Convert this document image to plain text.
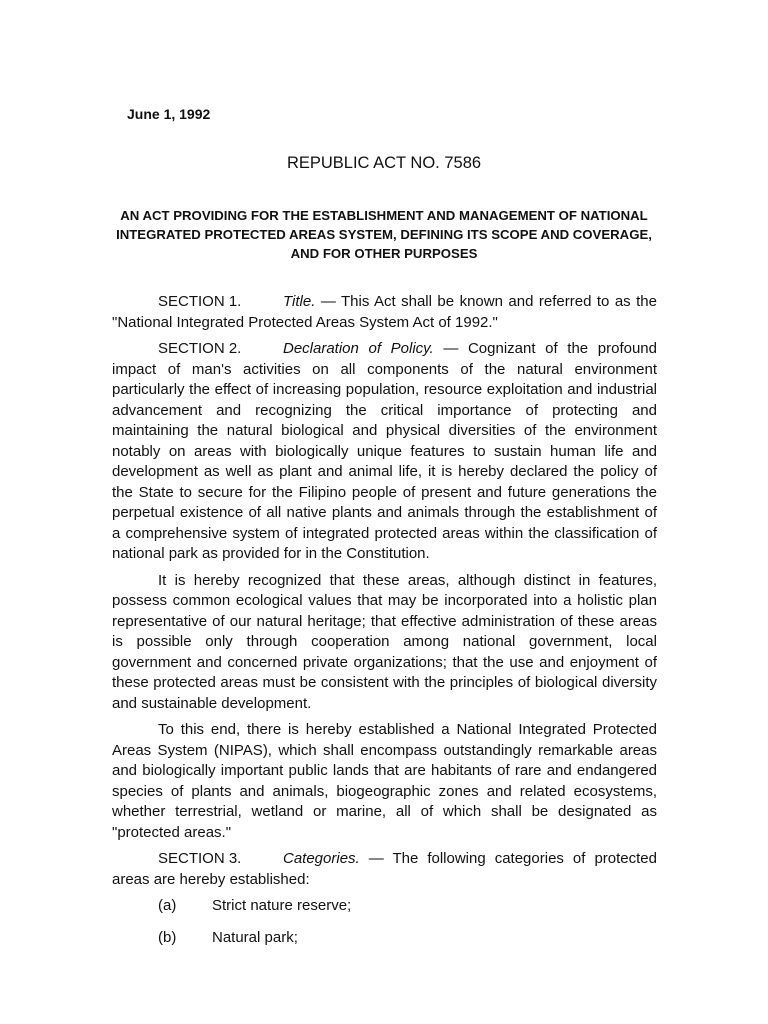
June 1, 1992
REPUBLIC ACT NO. 7586
AN ACT PROVIDING FOR THE ESTABLISHMENT AND MANAGEMENT OF NATIONAL INTEGRATED PROTECTED AREAS SYSTEM, DEFINING ITS SCOPE AND COVERAGE, AND FOR OTHER PURPOSES

SECTION 1.	Title. — This Act shall be known and referred to as the "National Integrated Protected Areas System Act of 1992."

SECTION 2.	Declaration of Policy. — Cognizant of the profound impact of man's activities on all components of the natural environment particularly the effect of increasing population, resource exploitation and industrial advancement and recognizing the critical importance of protecting and maintaining the natural biological and physical diversities of the environment notably on areas with biologically unique features to sustain human life and development as well as plant and animal life, it is hereby declared the policy of the State to secure for the Filipino people of present and future generations the perpetual existence of all native plants and animals through the establishment of a comprehensive system of integrated protected areas within the classification of national park as provided for in the Constitution.

It is hereby recognized that these areas, although distinct in features, possess common ecological values that may be incorporated into a holistic plan representative of our natural heritage; that effective administration of these areas is possible only through cooperation among national government, local government and concerned private organizations; that the use and enjoyment of these protected areas must be consistent with the principles of biological diversity and sustainable development.

To this end, there is hereby established a National Integrated Protected Areas System (NIPAS), which shall encompass outstandingly remarkable areas and biologically important public lands that are habitants of rare and endangered species of plants and animals, biogeographic zones and related ecosystems, whether terrestrial, wetland or marine, all of which shall be designated as "protected areas."

SECTION 3.	Categories. — The following categories of protected areas are hereby established:

(a) Strict nature reserve;
(b) Natural park;
